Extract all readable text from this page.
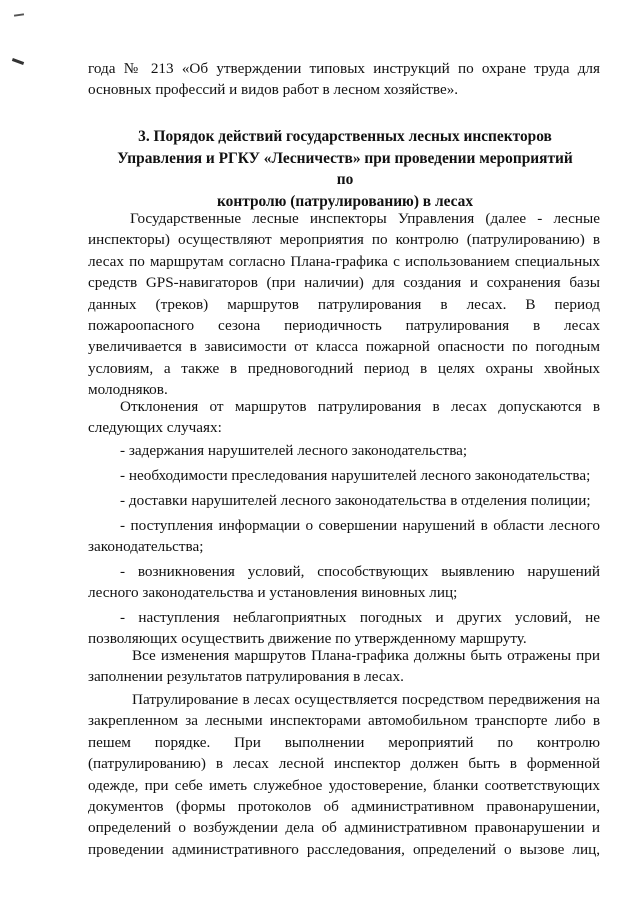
года № 213 «Об утверждении типовых инструкций по охране труда для
основных профессий и видов работ в лесном хозяйстве».
3. Порядок действий государственных лесных инспекторов
Управления и РГКУ «Лесничеств» при проведении мероприятий по
контролю (патрулированию) в лесах
Государственные лесные инспекторы Управления (далее - лесные
инспекторы) осуществляют мероприятия по контролю (патрулированию) в
лесах по маршрутам согласно Плана-графика с использованием специальных
средств GPS-навигаторов (при наличии) для создания и сохранения базы
данных (треков) маршрутов патрулирования в лесах. В период
пожароопасного сезона периодичность патрулирования в лесах
увеличивается в зависимости от класса пожарной опасности по погодным
условиям, а также в предновогодний период в целях охраны хвойных
молодняков.
Отклонения от маршрутов патрулирования в лесах допускаются в
следующих случаях:
- задержания нарушителей лесного законодательства;
- необходимости преследования нарушителей лесного законодательства;
- доставки нарушителей лесного законодательства в отделения полиции;
- поступления информации о совершении нарушений в области лесного
законодательства;
- возникновения условий, способствующих выявлению нарушений
лесного законодательства и установления виновных лиц;
- наступления неблагоприятных погодных и других условий, не
позволяющих осуществить движение по утвержденному маршруту.
Все изменения маршрутов Плана-графика должны быть отражены при
заполнении результатов патрулирования в лесах.
Патрулирование в лесах осуществляется посредством передвижения на
закрепленном за лесными инспекторами автомобильном транспорте либо в
пешем порядке. При выполнении мероприятий по контролю
(патрулированию) в лесах лесной инспектор должен быть в форменной
одежде, при себе иметь служебное удостоверение, бланки соответствующих
документов (формы протоколов об административном правонарушении,
определений о возбуждении дела об административном правонарушении и
проведении административного расследования, определений о вызове лиц,
